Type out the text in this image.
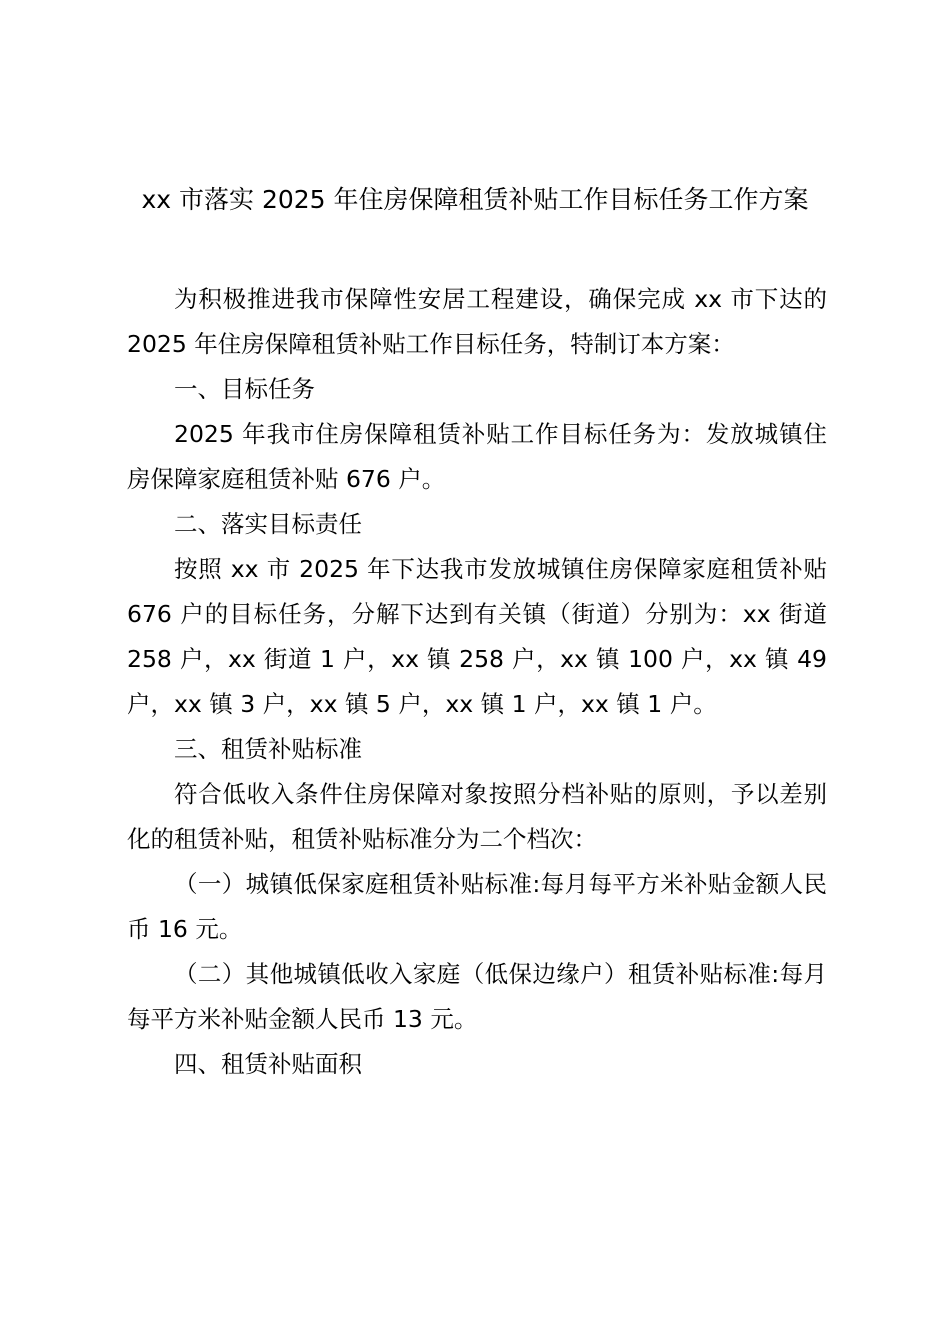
xx 市落实 2025 年住房保障租赁补贴工作目标任务工作方案

为积极推进我市保障性安居工程建设，确保完成 xx 市下达的 2025 年住房保障租赁补贴工作目标任务，特制订本方案：

一、目标任务

2025 年我市住房保障租赁补贴工作目标任务为：发放城镇住房保障家庭租赁补贴 676 户。

二、落实目标责任

按照 xx 市 2025 年下达我市发放城镇住房保障家庭租赁补贴 676 户的目标任务，分解下达到有关镇（街道）分别为：xx 街道 258 户，xx 街道 1 户，xx 镇 258 户，xx 镇 100 户，xx 镇 49 户，xx 镇 3 户，xx 镇 5 户，xx 镇 1 户，xx 镇 1 户。

三、租赁补贴标准

符合低收入条件住房保障对象按照分档补贴的原则，予以差别化的租赁补贴，租赁补贴标准分为二个档次：

（一）城镇低保家庭租赁补贴标准:每月每平方米补贴金额人民币 16 元。

（二）其他城镇低收入家庭（低保边缘户）租赁补贴标准:每月每平方米补贴金额人民币 13 元。

四、租赁补贴面积
